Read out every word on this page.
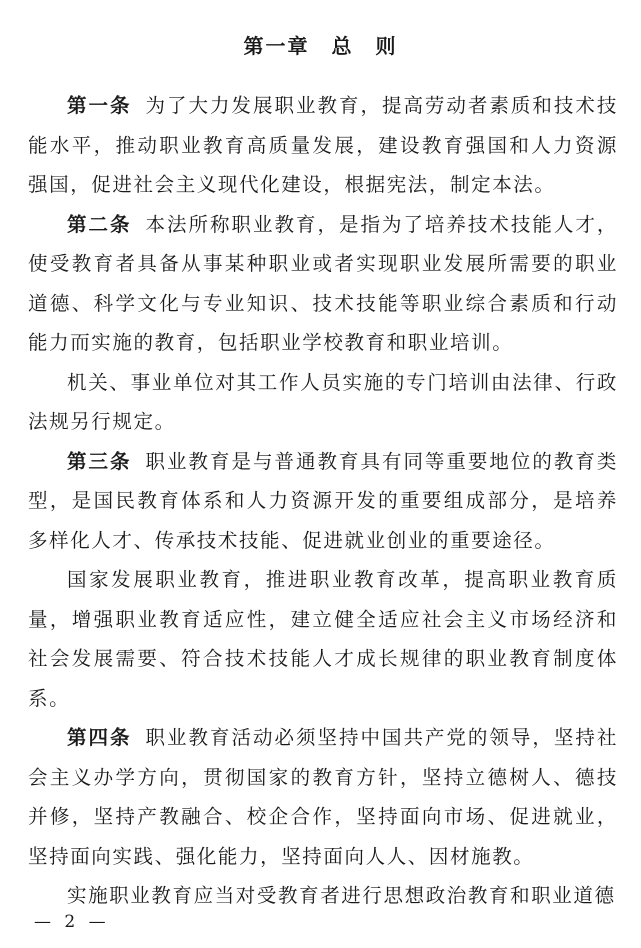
第一章 总　则

第一条 为了大力发展职业教育，提高劳动者素质和技术技能水平，推动职业教育高质量发展，建设教育强国和人力资源强国，促进社会主义现代化建设，根据宪法，制定本法。

第二条 本法所称职业教育，是指为了培养技术技能人才，使受教育者具备从事某种职业或者实现职业发展所需要的职业道德、科学文化与专业知识、技术技能等职业综合素质和行动能力而实施的教育，包括职业学校教育和职业培训。

机关、事业单位对其工作人员实施的专门培训由法律、行政法规另行规定。

第三条 职业教育是与普通教育具有同等重要地位的教育类型，是国民教育体系和人力资源开发的重要组成部分，是培养多样化人才、传承技术技能、促进就业创业的重要途径。

国家发展职业教育，推进职业教育改革，提高职业教育质量，增强职业教育适应性，建立健全适应社会主义市场经济和社会发展需要、符合技术技能人才成长规律的职业教育制度体系。

第四条 职业教育活动必须坚持中国共产党的领导，坚持社会主义办学方向，贯彻国家的教育方针，坚持立德树人、德技并修，坚持产教融合、校企合作，坚持面向市场、促进就业，坚持面向实践、强化能力，坚持面向人人、因材施教。

实施职业教育应当对受教育者进行思想政治教育和职业道德

— 2 —
